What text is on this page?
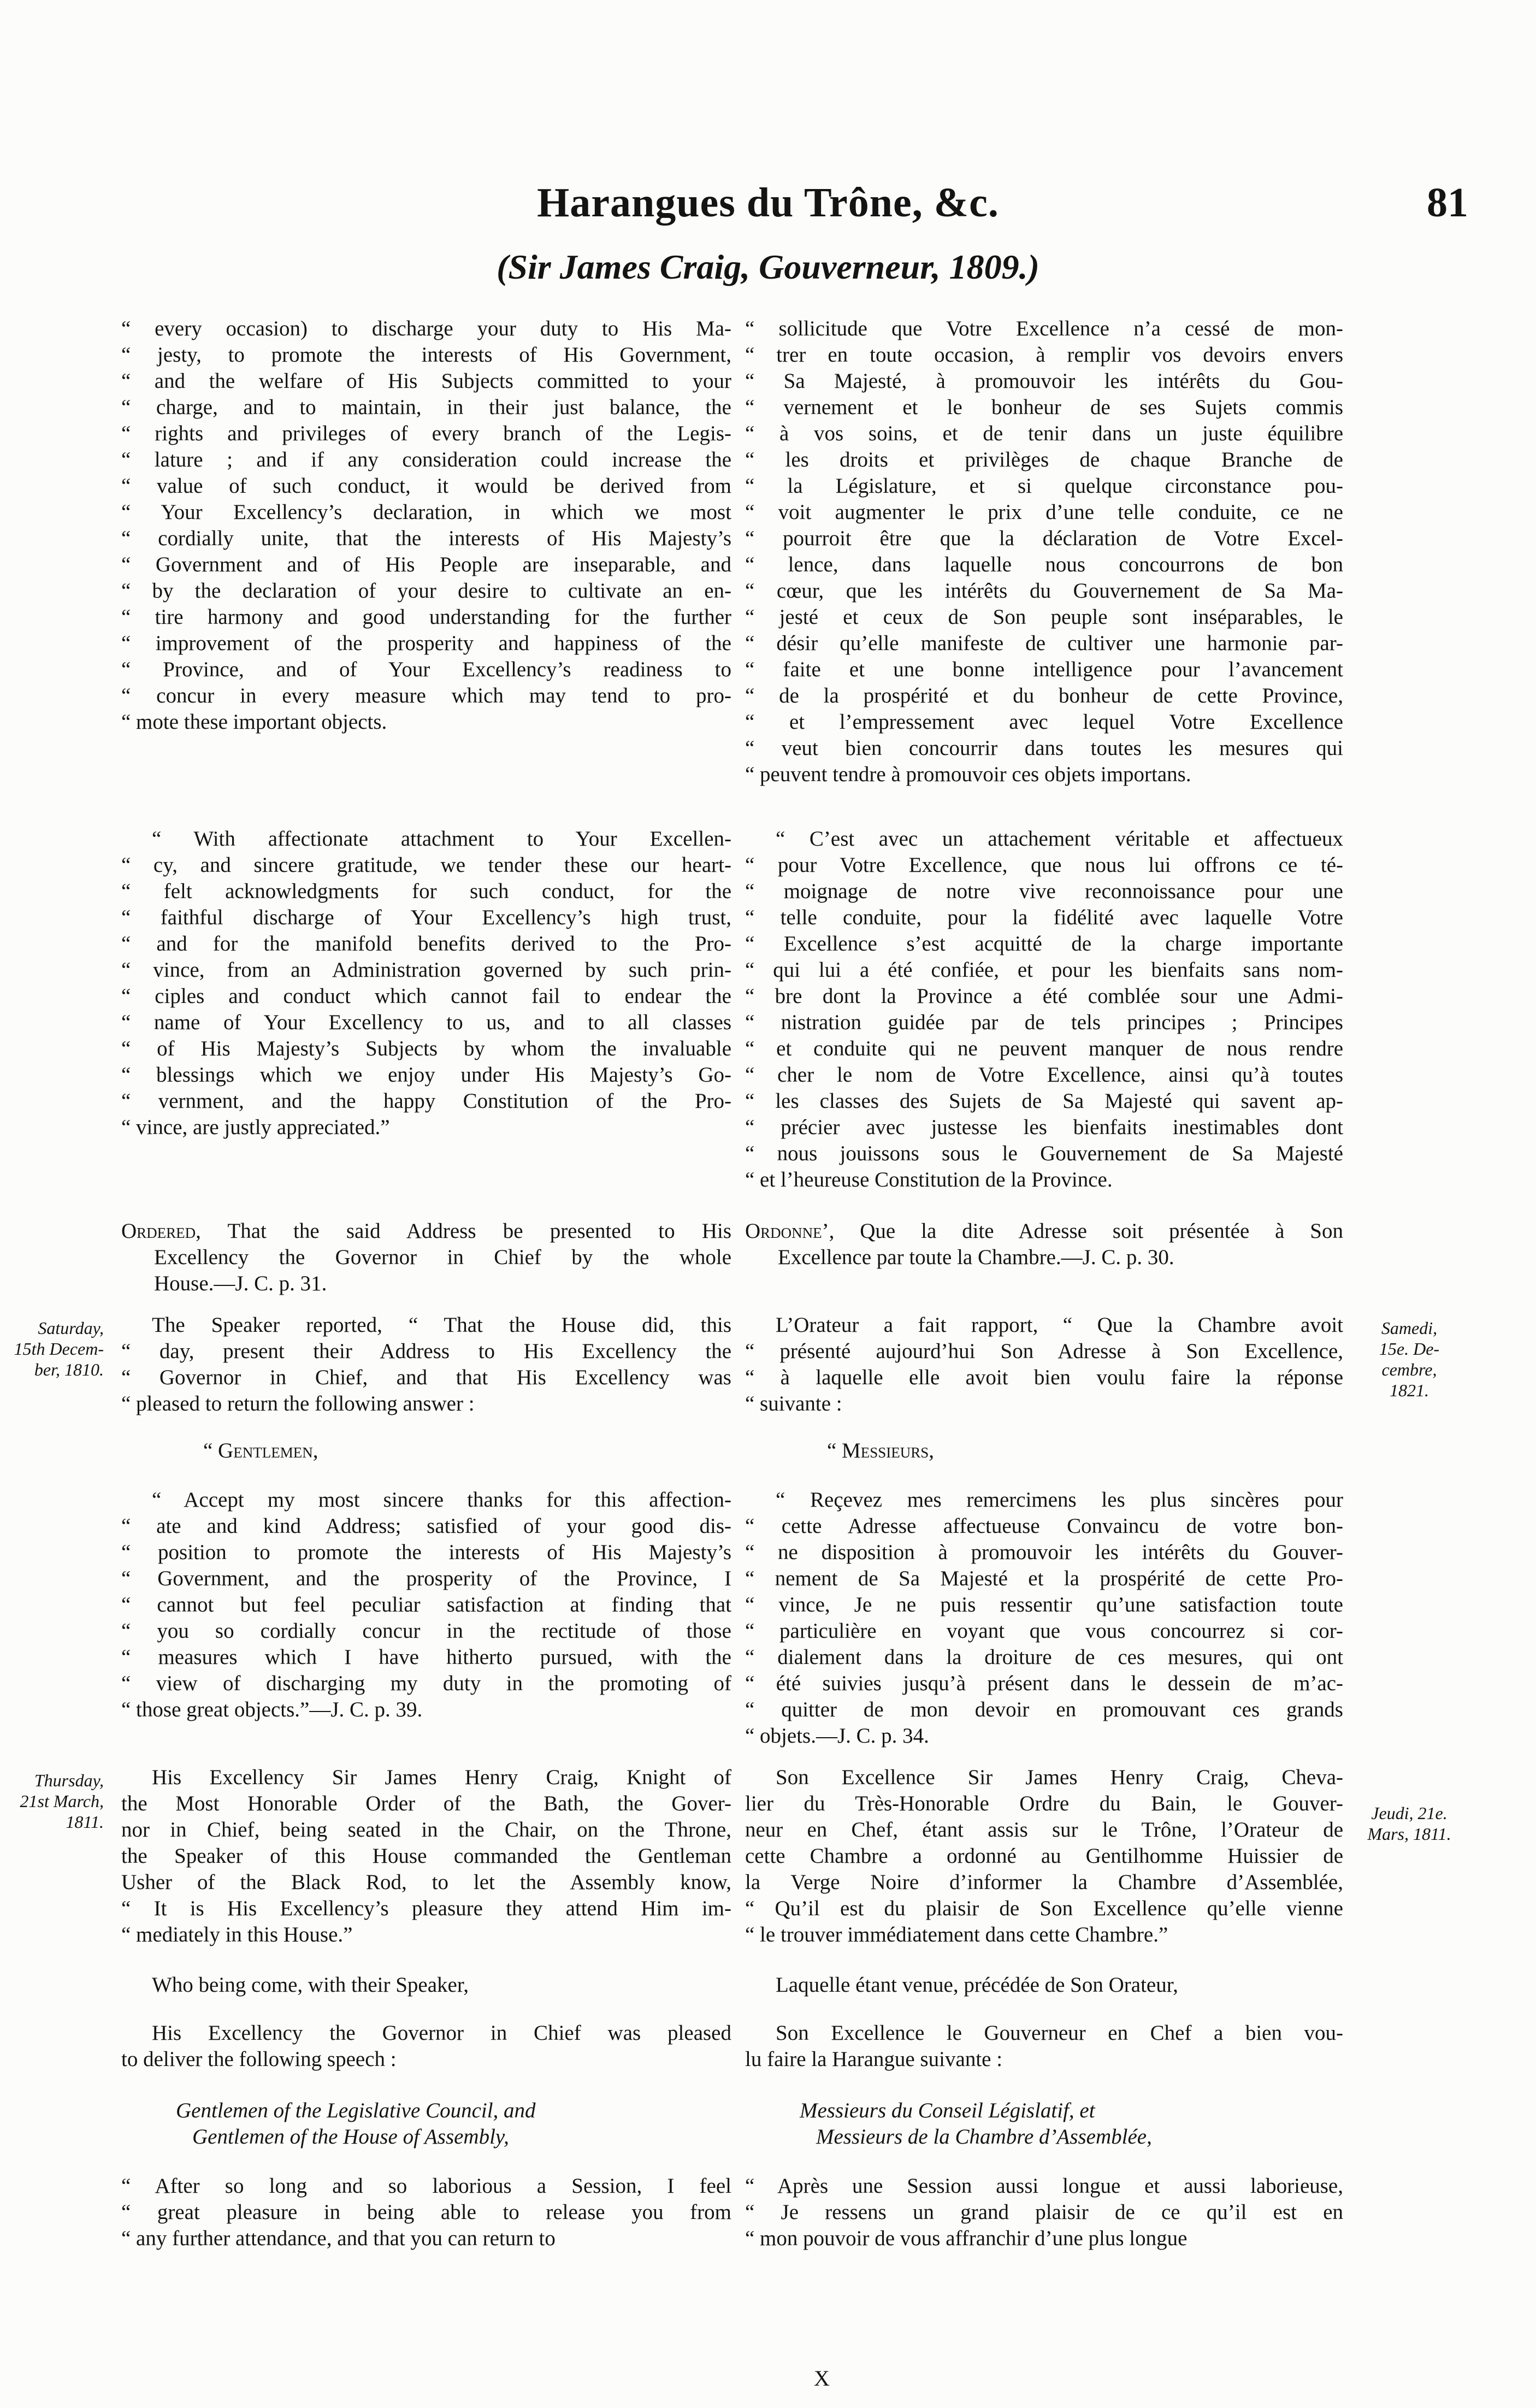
Harangues du Trône, &c.	81
(Sir James Craig, Gouverneur, 1809.)
“ every occasion) to discharge your duty to His Ma-
“ jesty, to promote the interests of His Government,
“ and the welfare of His Subjects committed to your
“ charge, and to maintain, in their just balance, the
“ rights and privileges of every branch of the Legis-
“ lature ; and if any consideration could increase the
“ value of such conduct, it would be derived from
“ Your Excellency’s declaration, in which we most
“ cordially unite, that the interests of His Majesty’s
“ Government and of His People are inseparable, and
“ by the declaration of your desire to cultivate an en-
“ tire harmony and good understanding for the further
“ improvement of the prosperity and happiness of the
“ Province, and of Your Excellency’s readiness to
“ concur in every measure which may tend to pro-
“ mote these important objects.
“ sollicitude que Votre Excellence n’a cessé de mon-
“ trer en toute occasion, à remplir vos devoirs envers
“ Sa Majesté, à promouvoir les intérêts du Gou-
“ vernement et le bonheur de ses Sujets commis
“ à vos soins, et de tenir dans un juste équilibre
“ les droits et privilèges de chaque Branche de
“ la Législature, et si quelque circonstance pou-
“ voit augmenter le prix d’une telle conduite, ce ne
“ pourroit être que la déclaration de Votre Excel-
“ lence, dans laquelle nous concourrons de bon
“ cœur, que les intérêts du Gouvernement de Sa Ma-
“ jesté et ceux de Son peuple sont inséparables, le
“ désir qu’elle manifeste de cultiver une harmonie par-
“ faite et une bonne intelligence pour l’avancement
“ de la prospérité et du bonheur de cette Province,
“ et l’empressement avec lequel Votre Excellence
“ veut bien concourrir dans toutes les mesures qui
“ peuvent tendre à promouvoir ces objets importans.
“ With affectionate attachment to Your Excellen-
“ cy, and sincere gratitude, we tender these our heart-
“ felt acknowledgments for such conduct, for the
“ faithful discharge of Your Excellency’s high trust,
“ and for the manifold benefits derived to the Pro-
“ vince, from an Administration governed by such prin-
“ ciples and conduct which cannot fail to endear the
“ name of Your Excellency to us, and to all classes
“ of His Majesty’s Subjects by whom the invaluable
“ blessings which we enjoy under His Majesty’s Go-
“ vernment, and the happy Constitution of the Pro-
“ vince, are justly appreciated.”
“ C’est avec un attachement véritable et affectueux
“ pour Votre Excellence, que nous lui offrons ce té-
“ moignage de notre vive reconnoissance pour une
“ telle conduite, pour la fidélité avec laquelle Votre
“ Excellence s’est acquitté de la charge importante
“ qui lui a été confiée, et pour les bienfaits sans nom-
“ bre dont la Province a été comblée sour une Admi-
“ nistration guidée par de tels principes ; Principes
“ et conduite qui ne peuvent manquer de nous rendre
“ cher le nom de Votre Excellence, ainsi qu’à toutes
“ les classes des Sujets de Sa Majesté qui savent ap-
“ précier avec justesse les bienfaits inestimables dont
“ nous jouissons sous le Gouvernement de Sa Majesté
“ et l’heureuse Constitution de la Province.
Ordered, That the said Address be presented to His
Excellency the Governor in Chief by the whole
House.—J. C. p. 31.
Ordonne’, Que la dite Adresse soit présentée à Son
Excellence par toute la Chambre.—J. C. p. 30.
The Speaker reported, “ That the House did, this
“ day, present their Address to His Excellency the
“ Governor in Chief, and that His Excellency was
“ pleased to return the following answer :
L’Orateur a fait rapport, “ Que la Chambre avoit
“ présenté aujourd’hui Son Adresse à Son Excellence,
“ à laquelle elle avoit bien voulu faire la réponse
“ suivante :
“ Gentlemen,	“ Messieurs,
“ Accept my most sincere thanks for this affection-
“ ate and kind Address; satisfied of your good dis-
“ position to promote the interests of His Majesty’s
“ Government, and the prosperity of the Province, I
“ cannot but feel peculiar satisfaction at finding that
“ you so cordially concur in the rectitude of those
“ measures which I have hitherto pursued, with the
“ view of discharging my duty in the promoting of
“ those great objects.”—J. C. p. 39.
“ Reçevez mes remercimens les plus sincères pour
“ cette Adresse affectueuse Convaincu de votre bon-
“ ne disposition à promouvoir les intérêts du Gouver-
“ nement de Sa Majesté et la prospérité de cette Pro-
“ vince, Je ne puis ressentir qu’une satisfaction toute
“ particulière en voyant que vous concourrez si cor-
“ dialement dans la droiture de ces mesures, qui ont
“ été suivies jusqu’à présent dans le dessein de m’ac-
“ quitter de mon devoir en promouvant ces grands
“ objets.—J. C. p. 34.
His Excellency Sir James Henry Craig, Knight of
the Most Honorable Order of the Bath, the Gover-
nor in Chief, being seated in the Chair, on the Throne,
the Speaker of this House commanded the Gentleman
Usher of the Black Rod, to let the Assembly know,
“ It is His Excellency’s pleasure they attend Him im-
“ mediately in this House.”
Son Excellence Sir James Henry Craig, Cheva-
lier du Très-Honorable Ordre du Bain, le Gouver-
neur en Chef, étant assis sur le Trône, l’Orateur de
cette Chambre a ordonné au Gentilhomme Huissier de
la Verge Noire d’informer la Chambre d’Assemblée,
“ Qu’il est du plaisir de Son Excellence qu’elle vienne
“ le trouver immédiatement dans cette Chambre.”
Who being come, with their Speaker,	Laquelle étant venue, précédée de Son Orateur,
His Excellency the Governor in Chief was pleased
to deliver the following speech :
Son Excellence le Gouverneur en Chef a bien vou-
lu faire la Harangue suivante :
Gentlemen of the Legislative Council, and
Gentlemen of the House of Assembly,
Messieurs du Conseil Législatif, et
Messieurs de la Chambre d’Assemblée,
“ After so long and so laborious a Session, I feel
“ great pleasure in being able to release you from
“ any further attendance, and that you can return to
“ Après une Session aussi longue et aussi laborieuse,
“ Je ressens un grand plaisir de ce qu’il est en
“ mon pouvoir de vous affranchir d’une plus longue
Saturday,
15th Decem-
ber, 1810.
Samedi,
15e. De-
cembre,
1821.
Thursday,
21st March,
1811.	Jeudi, 21e.
Mars, 1811.
X
